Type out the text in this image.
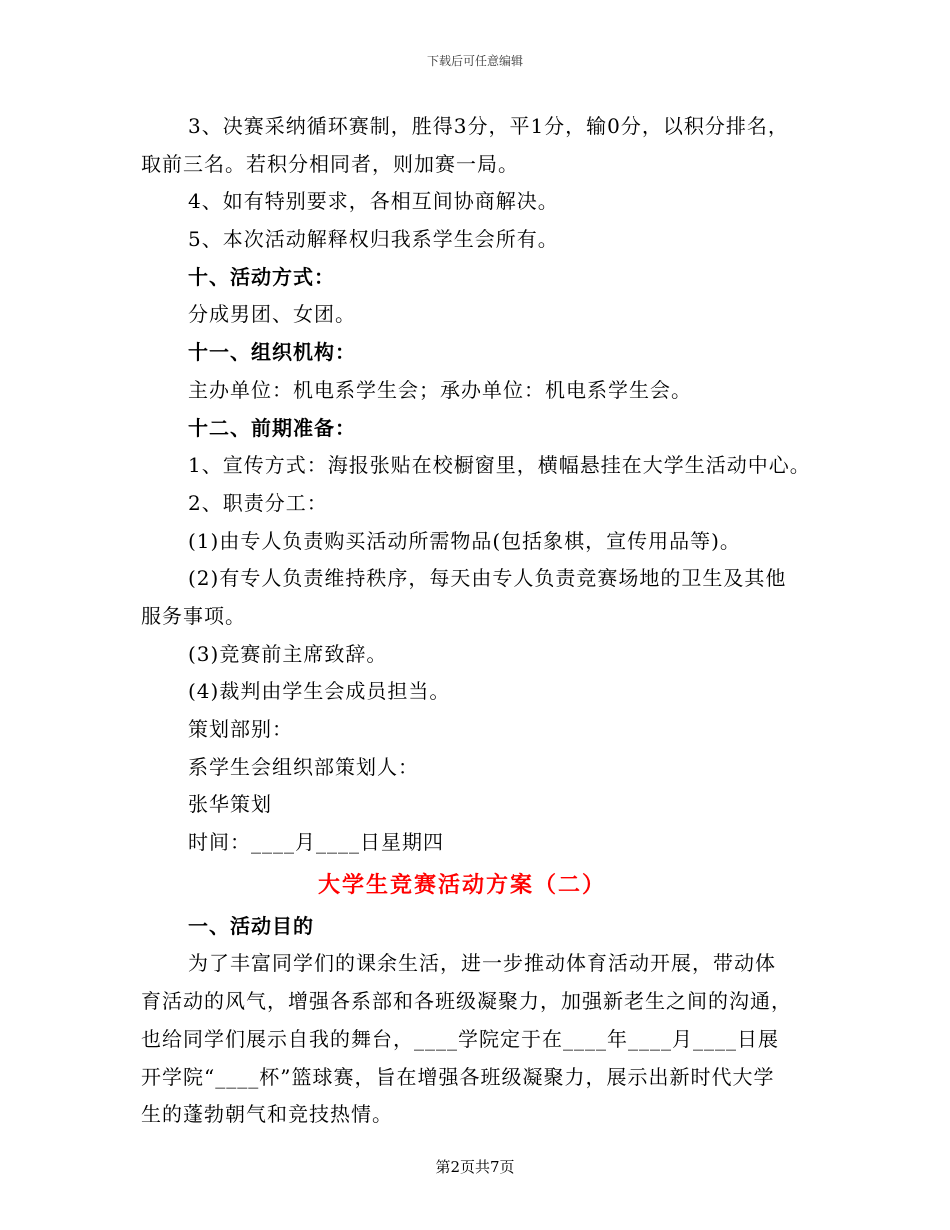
下载后可任意编辑
3、决赛采纳循环赛制，胜得3分，平1分，输0分，以积分排名，
取前三名。若积分相同者，则加赛一局。
4、如有特别要求，各相互间协商解决。
5、本次活动解释权归我系学生会所有。
十、活动方式：
分成男团、女团。
十一、组织机构：
主办单位：机电系学生会；承办单位：机电系学生会。
十二、前期准备：
1、宣传方式：海报张贴在校橱窗里，横幅悬挂在大学生活动中心。
2、职责分工：
(1)由专人负责购买活动所需物品(包括象棋，宣传用品等)。
(2)有专人负责维持秩序，每天由专人负责竞赛场地的卫生及其他
服务事项。
(3)竞赛前主席致辞。
(4)裁判由学生会成员担当。
策划部别：
系学生会组织部策划人：
张华策划
时间：____月____日星期四
大学生竞赛活动方案（二）
一、活动目的
为了丰富同学们的课余生活，进一步推动体育活动开展，带动体
育活动的风气，增强各系部和各班级凝聚力，加强新老生之间的沟通，
也给同学们展示自我的舞台，____学院定于在____年____月____日展
开学院“____杯”篮球赛，旨在增强各班级凝聚力，展示出新时代大学
生的蓬勃朝气和竞技热情。
第2页共7页
